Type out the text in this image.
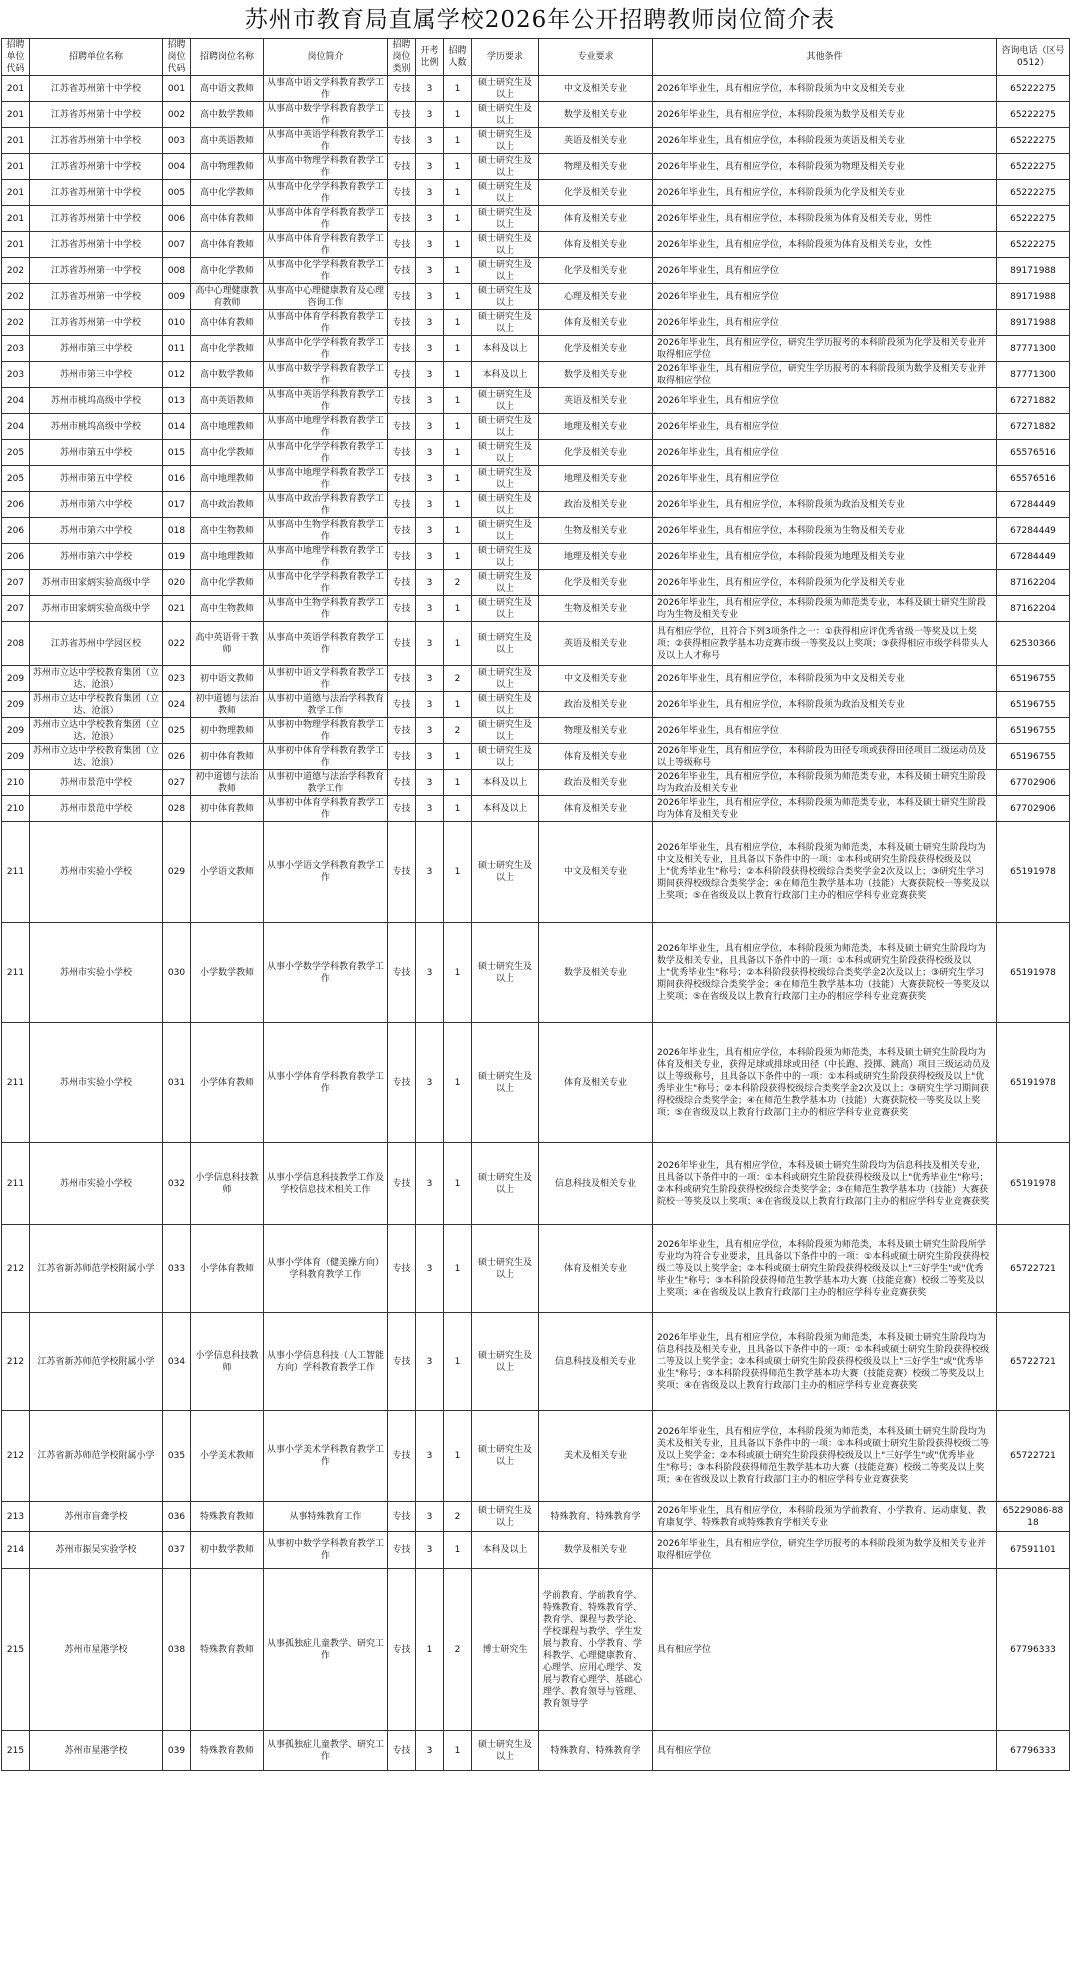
苏州市教育局直属学校2026年公开招聘教师岗位简介表
招聘单位代码	招聘单位名称	招聘岗位代码	招聘岗位名称	岗位简介	招聘岗位类别	开考比例	招聘人数	学历要求	专业要求	其他条件	咨询电话（区号0512）
201	江苏省苏州第十中学校	001	高中语文教师	从事高中语文学科教育教学工作	专技	3	1	硕士研究生及以上	中文及相关专业	2026年毕业生，具有相应学位，本科阶段须为中文及相关专业	65222275
201	江苏省苏州第十中学校	002	高中数学教师	从事高中数学学科教育教学工作	专技	3	1	硕士研究生及以上	数学及相关专业	2026年毕业生，具有相应学位，本科阶段须为数学及相关专业	65222275
201	江苏省苏州第十中学校	003	高中英语教师	从事高中英语学科教育教学工作	专技	3	1	硕士研究生及以上	英语及相关专业	2026年毕业生，具有相应学位，本科阶段须为英语及相关专业	65222275
201	江苏省苏州第十中学校	004	高中物理教师	从事高中物理学科教育教学工作	专技	3	1	硕士研究生及以上	物理及相关专业	2026年毕业生，具有相应学位，本科阶段须为物理及相关专业	65222275
201	江苏省苏州第十中学校	005	高中化学教师	从事高中化学学科教育教学工作	专技	3	1	硕士研究生及以上	化学及相关专业	2026年毕业生，具有相应学位，本科阶段须为化学及相关专业	65222275
201	江苏省苏州第十中学校	006	高中体育教师	从事高中体育学科教育教学工作	专技	3	1	硕士研究生及以上	体育及相关专业	2026年毕业生，具有相应学位，本科阶段须为体育及相关专业，男性	65222275
201	江苏省苏州第十中学校	007	高中体育教师	从事高中体育学科教育教学工作	专技	3	1	硕士研究生及以上	体育及相关专业	2026年毕业生，具有相应学位，本科阶段须为体育及相关专业，女性	65222275
202	江苏省苏州第一中学校	008	高中化学教师	从事高中化学学科教育教学工作	专技	3	1	硕士研究生及以上	化学及相关专业	2026年毕业生，具有相应学位	89171988
202	江苏省苏州第一中学校	009	高中心理健康教育教师	从事高中心理健康教育及心理咨询工作	专技	3	1	硕士研究生及以上	心理及相关专业	2026年毕业生，具有相应学位	89171988
202	江苏省苏州第一中学校	010	高中体育教师	从事高中体育学科教育教学工作	专技	3	1	硕士研究生及以上	体育及相关专业	2026年毕业生，具有相应学位	89171988
203	苏州市第三中学校	011	高中化学教师	从事高中化学学科教育教学工作	专技	3	1	本科及以上	化学及相关专业	2026年毕业生，具有相应学位，研究生学历报考的本科阶段须为化学及相关专业并取得相应学位	87771300
203	苏州市第三中学校	012	高中数学教师	从事高中数学学科教育教学工作	专技	3	1	本科及以上	数学及相关专业	2026年毕业生，具有相应学位，研究生学历报考的本科阶段须为数学及相关专业并取得相应学位	87771300
204	苏州市桃坞高级中学校	013	高中英语教师	从事高中英语学科教育教学工作	专技	3	1	硕士研究生及以上	英语及相关专业	2026年毕业生，具有相应学位	67271882
204	苏州市桃坞高级中学校	014	高中地理教师	从事高中地理学科教育教学工作	专技	3	1	硕士研究生及以上	地理及相关专业	2026年毕业生，具有相应学位	67271882
205	苏州市第五中学校	015	高中化学教师	从事高中化学学科教育教学工作	专技	3	1	硕士研究生及以上	化学及相关专业	2026年毕业生，具有相应学位	65576516
205	苏州市第五中学校	016	高中地理教师	从事高中地理学科教育教学工作	专技	3	1	硕士研究生及以上	地理及相关专业	2026年毕业生，具有相应学位	65576516
206	苏州市第六中学校	017	高中政治教师	从事高中政治学科教育教学工作	专技	3	1	硕士研究生及以上	政治及相关专业	2026年毕业生，具有相应学位，本科阶段须为政治及相关专业	67284449
206	苏州市第六中学校	018	高中生物教师	从事高中生物学科教育教学工作	专技	3	1	硕士研究生及以上	生物及相关专业	2026年毕业生，具有相应学位，本科阶段须为生物及相关专业	67284449
206	苏州市第六中学校	019	高中地理教师	从事高中地理学科教育教学工作	专技	3	1	硕士研究生及以上	地理及相关专业	2026年毕业生，具有相应学位，本科阶段须为地理及相关专业	67284449
207	苏州市田家炳实验高级中学	020	高中化学教师	从事高中化学学科教育教学工作	专技	3	2	硕士研究生及以上	化学及相关专业	2026年毕业生，具有相应学位，本科阶段须为化学及相关专业	87162204
207	苏州市田家炳实验高级中学	021	高中生物教师	从事高中生物学科教育教学工作	专技	3	1	硕士研究生及以上	生物及相关专业	2026年毕业生，具有相应学位，本科阶段须为师范类专业，本科及硕士研究生阶段均为生物及相关专业	87162204
208	江苏省苏州中学园区校	022	高中英语骨干教师	从事高中英语学科教育教学工作	专技	3	1	硕士研究生及以上	英语及相关专业	具有相应学位，且符合下列3项条件之一：①获得相应评优秀省级一等奖及以上奖项；②获得相应教学基本功竞赛市级一等奖及以上奖项；③获得相应市级学科带头人及以上人才称号	62530366
209	苏州市立达中学校教育集团（立达、沧浪）	023	初中语文教师	从事初中语文学科教育教学工作	专技	3	2	硕士研究生及以上	中文及相关专业	2026年毕业生，具有相应学位，本科阶段须为中文及相关专业	65196755
209	苏州市立达中学校教育集团（立达、沧浪）	024	初中道德与法治教师	从事初中道德与法治学科教育教学工作	专技	3	1	硕士研究生及以上	政治及相关专业	2026年毕业生，具有相应学位，本科阶段须为政治及相关专业	65196755
209	苏州市立达中学校教育集团（立达、沧浪）	025	初中物理教师	从事初中物理学科教育教学工作	专技	3	2	硕士研究生及以上	物理及相关专业	2026年毕业生，具有相应学位	65196755
209	苏州市立达中学校教育集团（立达、沧浪）	026	初中体育教师	从事初中体育学科教育教学工作	专技	3	1	硕士研究生及以上	体育及相关专业	2026年毕业生，具有相应学位，本科阶段为田径专项或获得田径项目二级运动员及以上等级称号	65196755
210	苏州市景范中学校	027	初中道德与法治教师	从事初中道德与法治学科教育教学工作	专技	3	1	本科及以上	政治及相关专业	2026年毕业生，具有相应学位，本科阶段须为师范类专业，本科及硕士研究生阶段均为政治及相关专业	67702906
210	苏州市景范中学校	028	初中体育教师	从事初中体育学科教育教学工作	专技	3	1	本科及以上	体育及相关专业	2026年毕业生，具有相应学位，本科阶段须为师范类专业，本科及硕士研究生阶段均为体育及相关专业	67702906
211	苏州市实验小学校	029	小学语文教师	从事小学语文学科教育教学工作	专技	3	1	硕士研究生及以上	中文及相关专业	2026年毕业生，具有相应学位，本科阶段须为师范类，本科及硕士研究生阶段均为中文及相关专业，且具备以下条件中的一项：①本科或研究生阶段获得校级及以上"优秀毕业生"称号；②本科阶段获得校级综合类奖学金2次及以上；③研究生学习期间获得校级综合类奖学金；④在师范生教学基本功（技能）大赛获院校一等奖及以上奖项；⑤在省级及以上教育行政部门主办的相应学科专业竞赛获奖	65191978
211	苏州市实验小学校	030	小学数学教师	从事小学数学学科教育教学工作	专技	3	1	硕士研究生及以上	数学及相关专业	2026年毕业生，具有相应学位，本科阶段须为师范类，本科及硕士研究生阶段均为数学及相关专业，且具备以下条件中的一项：①本科或研究生阶段获得校级及以上"优秀毕业生"称号；②本科阶段获得校级综合类奖学金2次及以上；③研究生学习期间获得校级综合类奖学金；④在师范生教学基本功（技能）大赛获院校一等奖及以上奖项；⑤在省级及以上教育行政部门主办的相应学科专业竞赛获奖	65191978
211	苏州市实验小学校	031	小学体育教师	从事小学体育学科教育教学工作	专技	3	1	硕士研究生及以上	体育及相关专业	2026年毕业生，具有相应学位，本科阶段须为师范类，本科及硕士研究生阶段均为体育及相关专业，获得足球或排球或田径（中长跑、投掷、跳高）项目三级运动员及以上等级称号，且具备以下条件中的一项：①本科或研究生阶段获得校级及以上"优秀毕业生"称号；②本科阶段获得校级综合类奖学金2次及以上；③研究生学习期间获得校级综合类奖学金；④在师范生教学基本功（技能）大赛获院校一等奖及以上奖项；⑤在省级及以上教育行政部门主办的相应学科专业竞赛获奖	65191978
211	苏州市实验小学校	032	小学信息科技教师	从事小学信息科技教学工作及学校信息技术相关工作	专技	3	1	硕士研究生及以上	信息科技及相关专业	2026年毕业生，具有相应学位，本科及硕士研究生阶段均为信息科技及相关专业，且具备以下条件中的一项：①本科或研究生阶段获得校级及以上"优秀毕业生"称号；②本科或研究生阶段获得校级综合类奖学金；③在师范生教学基本功（技能）大赛获院校一等奖及以上奖项；④在省级及以上教育行政部门主办的相应学科专业竞赛获奖	65191978
212	江苏省新苏师范学校附属小学	033	小学体育教师	从事小学体育（健美操方向）学科教育教学工作	专技	3	1	硕士研究生及以上	体育及相关专业	2026年毕业生，具有相应学位，本科阶段须为师范类，本科及硕士研究生阶段所学专业均为符合专业要求，且具备以下条件中的一项：①本科或硕士研究生阶段获得校级二等及以上奖学金；②本科或硕士研究生阶段获得校级及以上"三好学生"或"优秀毕业生"称号；③本科阶段获得师范生教学基本功大赛（技能竞赛）校级二等奖及以上奖项；④在省级及以上教育行政部门主办的相应学科专业竞赛获奖	65722721
212	江苏省新苏师范学校附属小学	034	小学信息科技教师	从事小学信息科技（人工智能方向）学科教育教学工作	专技	3	1	硕士研究生及以上	信息科技及相关专业	2026年毕业生，具有相应学位，本科阶段须为师范类，本科及硕士研究生阶段均为信息科技及相关专业，且具备以下条件中的一项：①本科或硕士研究生阶段获得校级二等及以上奖学金；②本科或硕士研究生阶段获得校级及以上"三好学生"或"优秀毕业生"称号；③本科阶段获得师范生教学基本功大赛（技能竞赛）校级二等奖及以上奖项；④在省级及以上教育行政部门主办的相应学科专业竞赛获奖	65722721
212	江苏省新苏师范学校附属小学	035	小学美术教师	从事小学美术学科教育教学工作	专技	3	1	硕士研究生及以上	美术及相关专业	2026年毕业生，具有相应学位，本科阶段须为师范类，本科及硕士研究生阶段均为美术及相关专业，且具备以下条件中的一项：①本科或硕士研究生阶段获得校级二等及以上奖学金；②本科或硕士研究生阶段获得校级及以上"三好学生"或"优秀毕业生"称号；③本科阶段获得师范生教学基本功大赛（技能竞赛）校级二等奖及以上奖项；④在省级及以上教育行政部门主办的相应学科专业竞赛获奖	65722721
213	苏州市盲聋学校	036	特殊教育教师	从事特殊教育工作	专技	3	2	硕士研究生及以上	特殊教育、特殊教育学	2026年毕业生，具有相应学位，本科阶段须为学前教育、小学教育、运动康复、教育康复学、特殊教育或特殊教育学相关专业	65229086-8818
214	苏州市振吴实验学校	037	初中数学教师	从事初中数学学科教育教学工作	专技	3	1	本科及以上	数学及相关专业	2026年毕业生，具有相应学位，研究生学历报考的本科阶段须为数学及相关专业并取得相应学位	67591101
215	苏州市星港学校	038	特殊教育教师	从事孤独症儿童教学、研究工作	专技	1	2	博士研究生	学前教育、学前教育学、特殊教育、特殊教育学、教育学、课程与教学论、学校课程与教学、学生发展与教育、小学教育、学科教学、心理健康教育、心理学、应用心理学、发展与教育心理学、基础心理学、教育领导与管理、教育领导学	具有相应学位	67796333
215	苏州市星港学校	039	特殊教育教师	从事孤独症儿童教学、研究工作	专技	3	1	硕士研究生及以上	特殊教育、特殊教育学	具有相应学位	67796333
